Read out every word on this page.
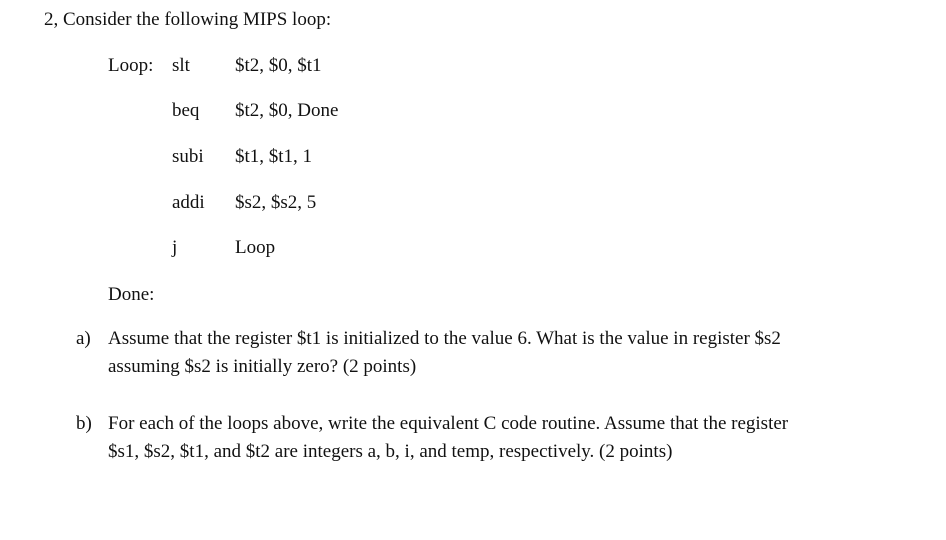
2, Consider the following MIPS loop:
Loop: slt $t2, $0, $t1
beq $t2, $0, Done
subi $t1, $t1, 1
addi $s2, $s2, 5
j	Loop
Done:
a) Assume that the register $t1 is initialized to the value 6. What is the value in register $s2
assuming $s2 is initially zero? (2 points)
b) For each of the loops above, write the equivalent C code routine. Assume that the register
$s1, $s2, $t1, and $t2 are integers a, b, i, and temp, respectively. (2 points)
